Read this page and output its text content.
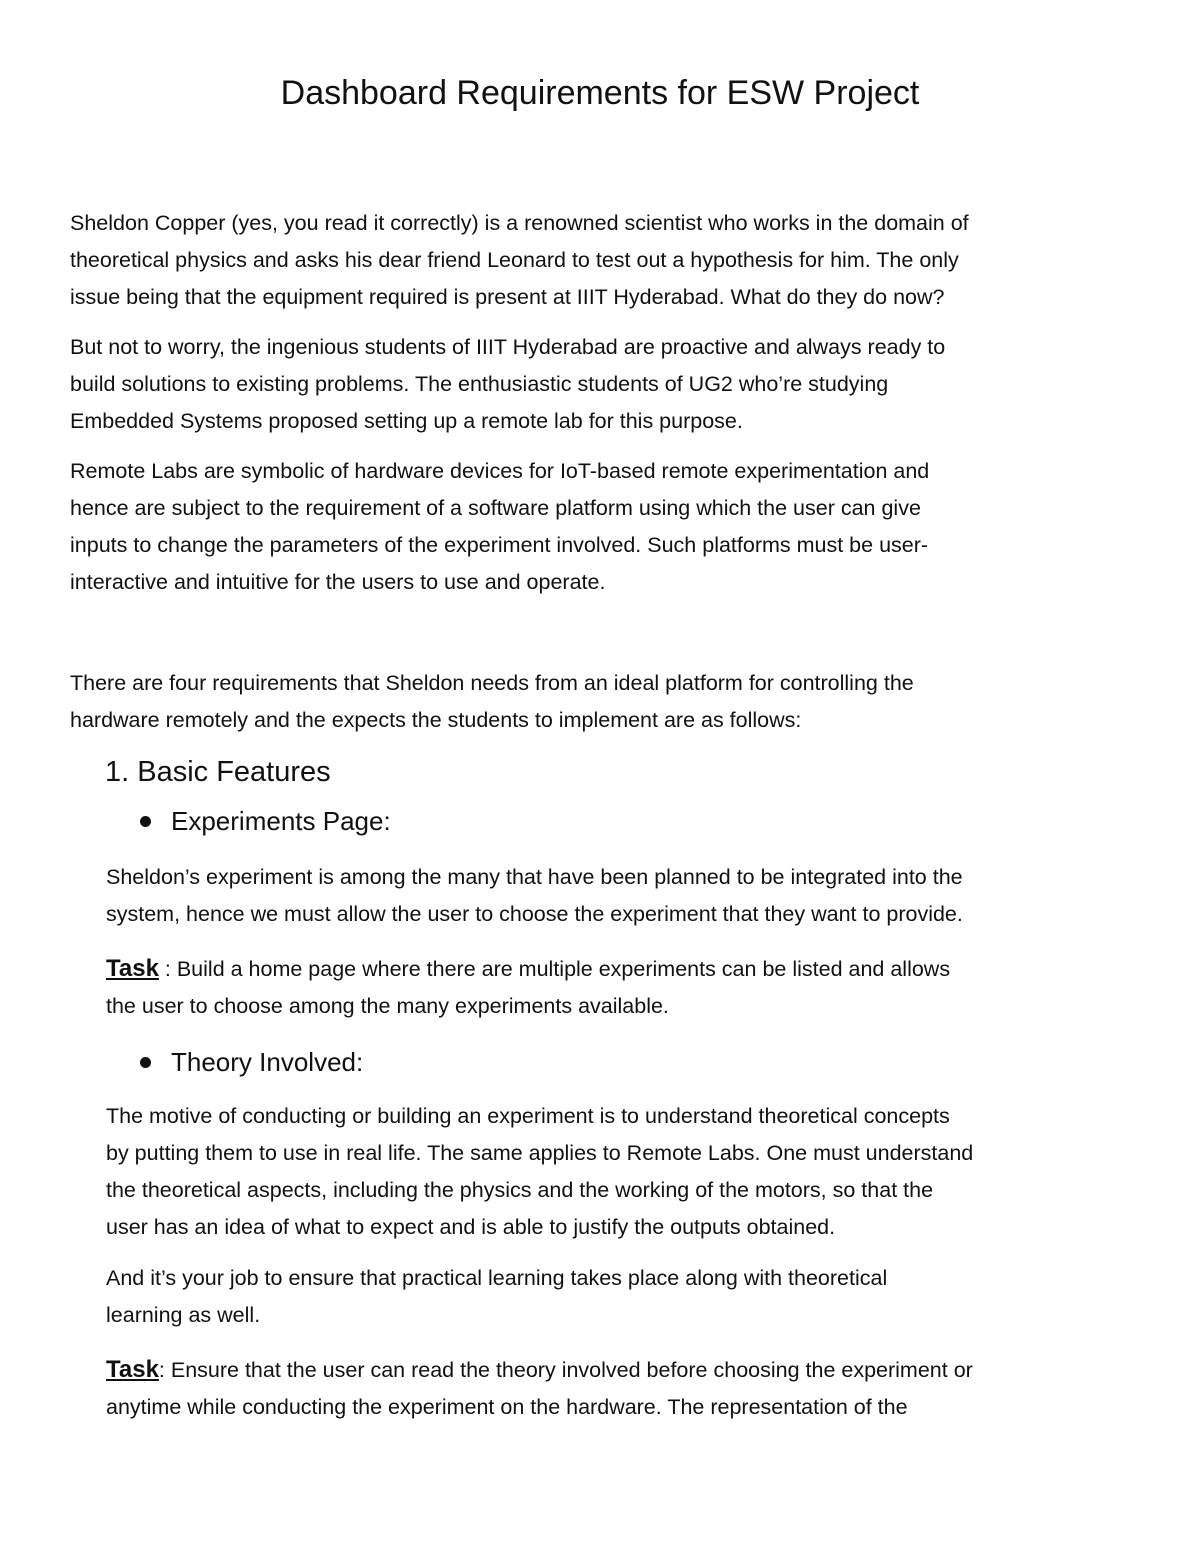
Dashboard Requirements for ESW Project

Sheldon Copper (yes, you read it correctly) is a renowned scientist who works in the domain of
theoretical physics and asks his dear friend Leonard to test out a hypothesis for him. The only
issue being that the equipment required is present at IIIT Hyderabad. What do they do now?

But not to worry, the ingenious students of IIIT Hyderabad are proactive and always ready to
build solutions to existing problems. The enthusiastic students of UG2 who’re studying
Embedded Systems proposed setting up a remote lab for this purpose.

Remote Labs are symbolic of hardware devices for IoT-based remote experimentation and
hence are subject to the requirement of a software platform using which the user can give
inputs to change the parameters of the experiment involved. Such platforms must be user-
interactive and intuitive for the users to use and operate.

There are four requirements that Sheldon needs from an ideal platform for controlling the
hardware remotely and the expects the students to implement are as follows:

1. Basic Features
Experiments Page:

Sheldon’s experiment is among the many that have been planned to be integrated into the
system, hence we must allow the user to choose the experiment that they want to provide.

Task : Build a home page where there are multiple experiments can be listed and allows
the user to choose among the many experiments available.

Theory Involved:

The motive of conducting or building an experiment is to understand theoretical concepts
by putting them to use in real life. The same applies to Remote Labs. One must understand
the theoretical aspects, including the physics and the working of the motors, so that the
user has an idea of what to expect and is able to justify the outputs obtained.

And it’s your job to ensure that practical learning takes place along with theoretical
learning as well.

Task: Ensure that the user can read the theory involved before choosing the experiment or
anytime while conducting the experiment on the hardware. The representation of the
